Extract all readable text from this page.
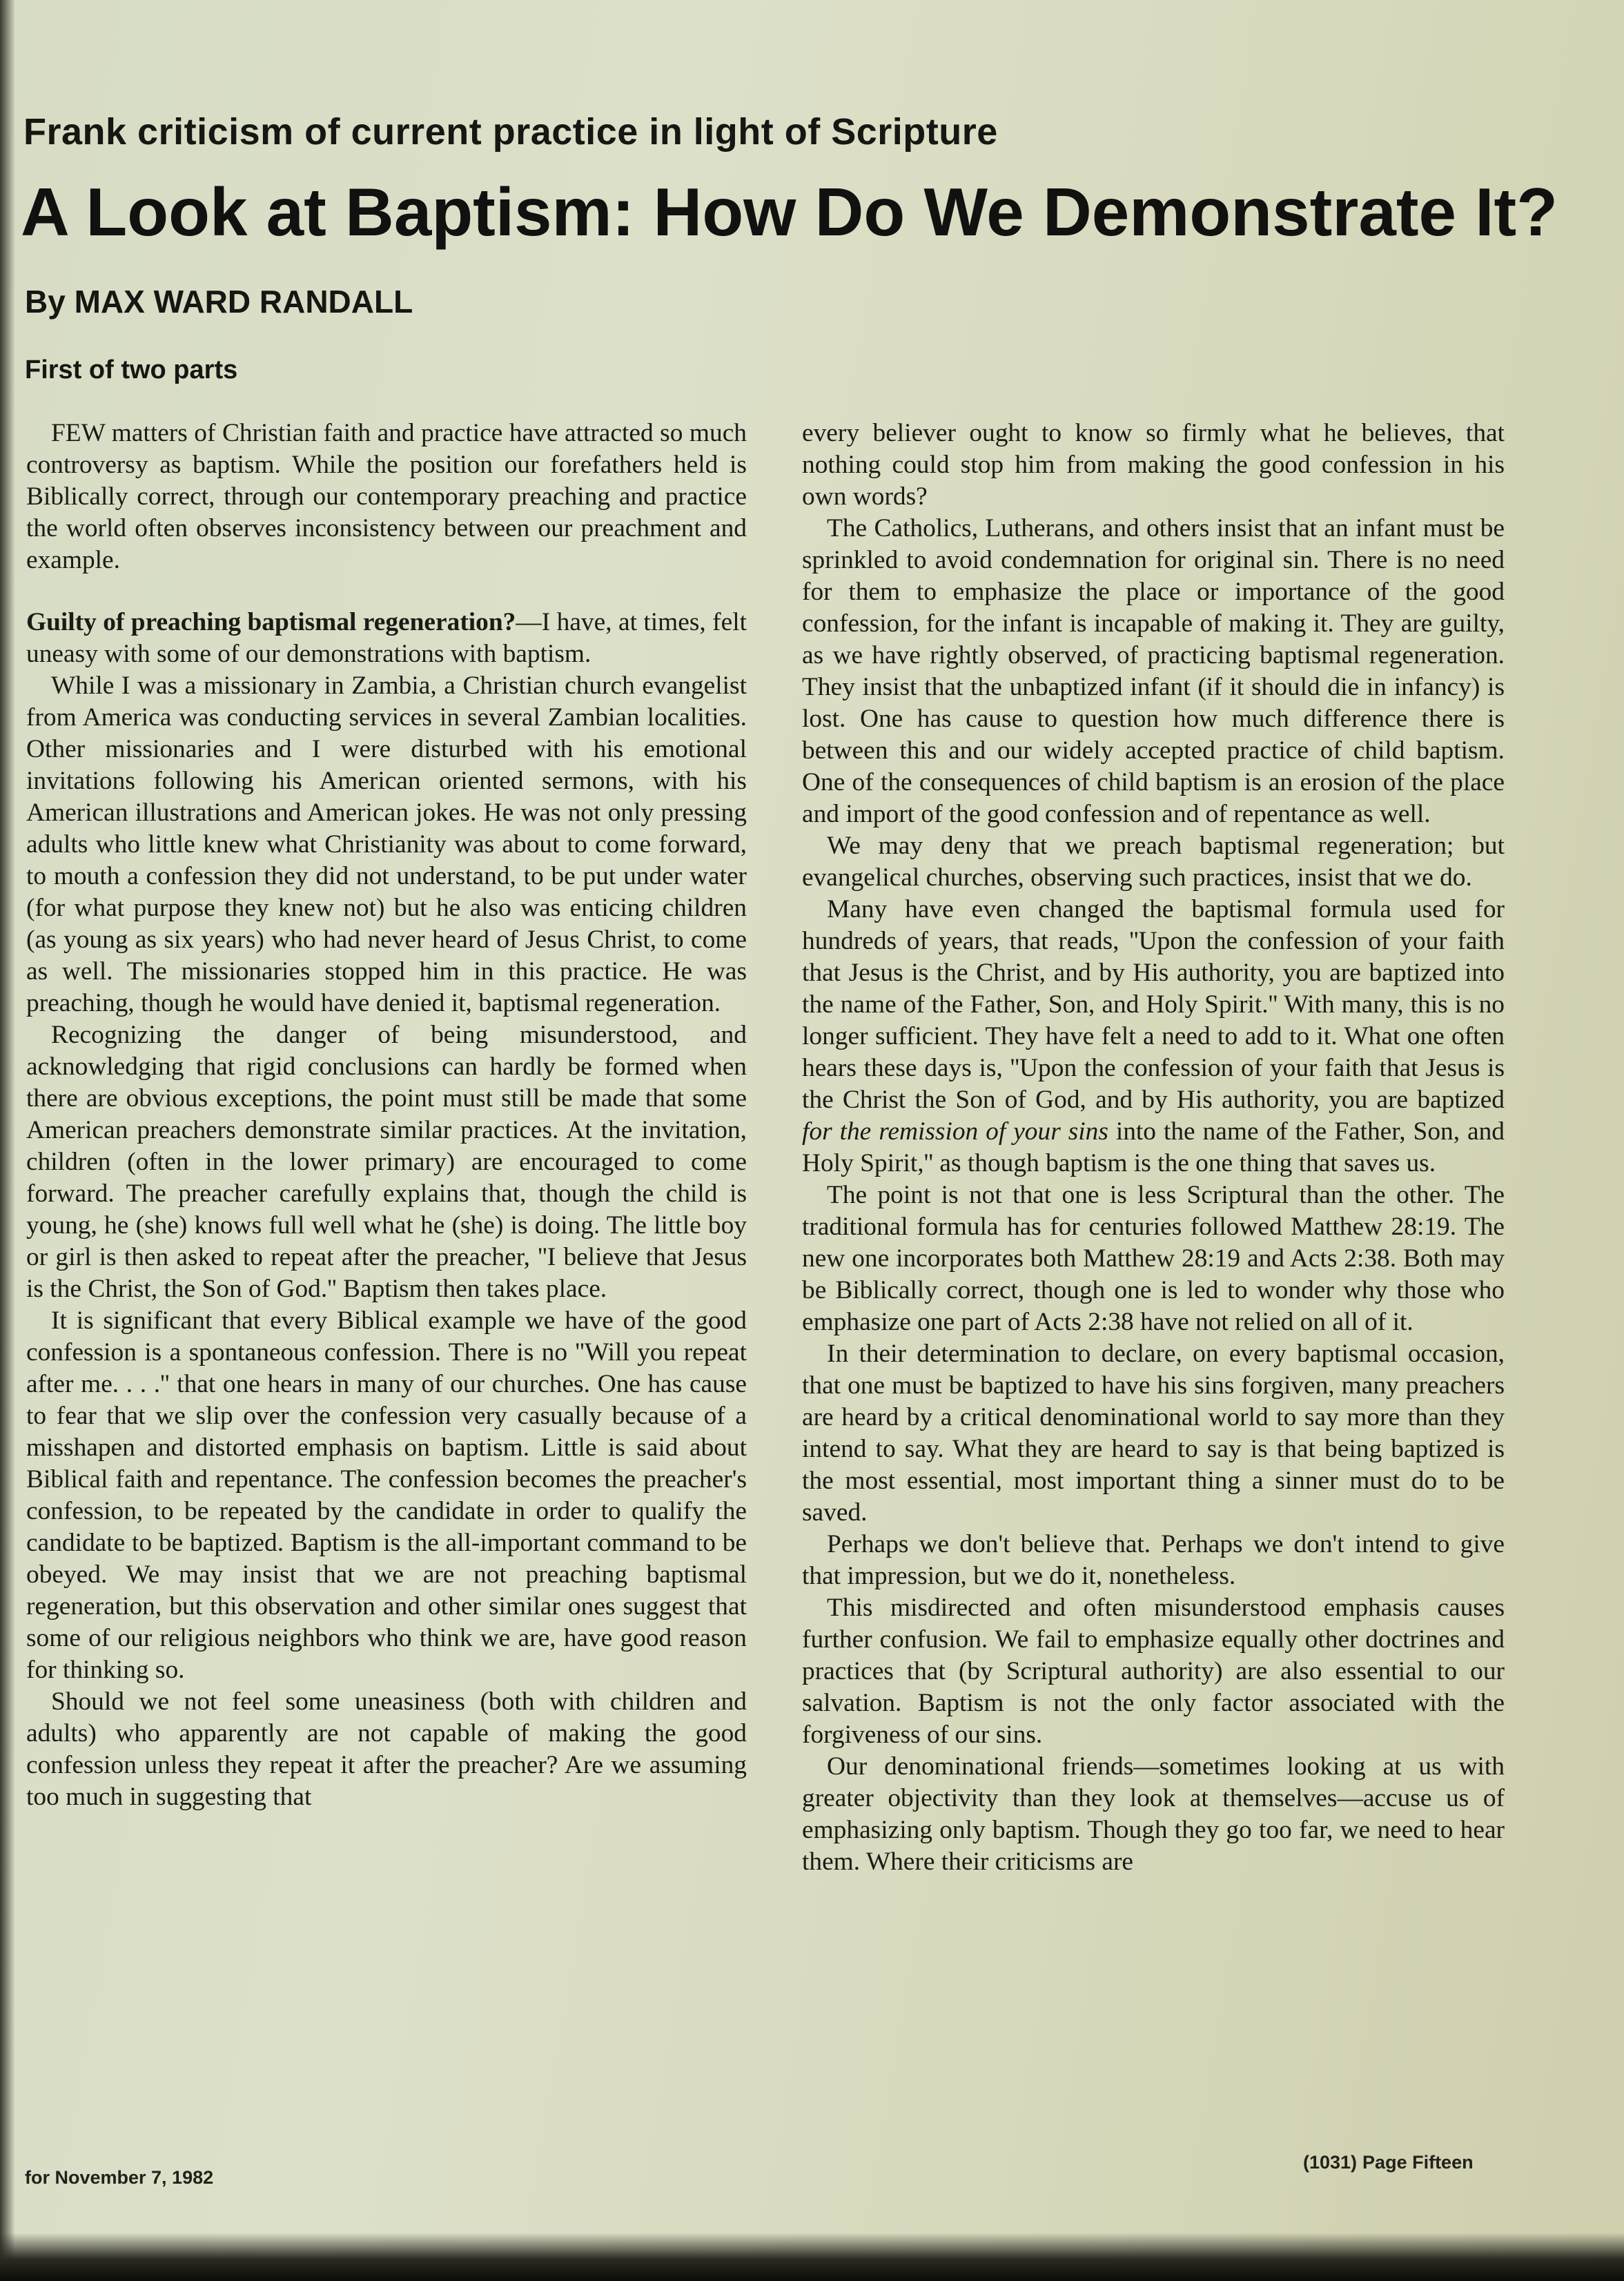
Frank criticism of current practice in light of Scripture
A Look at Baptism: How Do We Demonstrate It?
By MAX WARD RANDALL
First of two parts

FEW matters of Christian faith and practice have attracted so much controversy as baptism. While the position our forefathers held is Biblically correct, through our contemporary preaching and practice the world often observes inconsistency between our preachment and example.

Guilty of preaching baptismal regeneration?—I have, at times, felt uneasy with some of our demonstrations with baptism.

While I was a missionary in Zambia, a Christian church evangelist from America was conducting services in several Zambian localities. Other missionaries and I were disturbed with his emotional invitations following his American oriented sermons, with his American illustrations and American jokes. He was not only pressing adults who little knew what Christianity was about to come forward, to mouth a confession they did not understand, to be put under water (for what purpose they knew not) but he also was enticing children (as young as six years) who had never heard of Jesus Christ, to come as well. The missionaries stopped him in this practice. He was preaching, though he would have denied it, baptismal regeneration.

Recognizing the danger of being misunderstood, and acknowledging that rigid conclusions can hardly be formed when there are obvious exceptions, the point must still be made that some American preachers demonstrate similar practices. At the invitation, children (often in the lower primary) are encouraged to come forward. The preacher carefully explains that, though the child is young, he (she) knows full well what he (she) is doing. The little boy or girl is then asked to repeat after the preacher, ''I believe that Jesus is the Christ, the Son of God.'' Baptism then takes place.

It is significant that every Biblical example we have of the good confession is a spontaneous confession. There is no ''Will you repeat after me. . . .'' that one hears in many of our churches. One has cause to fear that we slip over the confession very casually because of a misshapen and distorted emphasis on baptism. Little is said about Biblical faith and repentance. The confession becomes the preacher's confession, to be repeated by the candidate in order to qualify the candidate to be baptized. Baptism is the all-important command to be obeyed. We may insist that we are not preaching baptismal regeneration, but this observation and other similar ones suggest that some of our religious neighbors who think we are, have good reason for thinking so.

Should we not feel some uneasiness (both with children and adults) who apparently are not capable of making the good confession unless they repeat it after the preacher? Are we assuming too much in suggesting that

every believer ought to know so firmly what he believes, that nothing could stop him from making the good confession in his own words?

The Catholics, Lutherans, and others insist that an infant must be sprinkled to avoid condemnation for original sin. There is no need for them to emphasize the place or importance of the good confession, for the infant is incapable of making it. They are guilty, as we have rightly observed, of practicing baptismal regeneration. They insist that the unbaptized infant (if it should die in infancy) is lost. One has cause to question how much difference there is between this and our widely accepted practice of child baptism. One of the consequences of child baptism is an erosion of the place and import of the good confession and of repentance as well.

We may deny that we preach baptismal regeneration; but evangelical churches, observing such practices, insist that we do.

Many have even changed the baptismal formula used for hundreds of years, that reads, ''Upon the confession of your faith that Jesus is the Christ, and by His authority, you are baptized into the name of the Father, Son, and Holy Spirit.'' With many, this is no longer sufficient. They have felt a need to add to it. What one often hears these days is, ''Upon the confession of your faith that Jesus is the Christ the Son of God, and by His authority, you are baptized for the remission of your sins into the name of the Father, Son, and Holy Spirit,'' as though baptism is the one thing that saves us.

The point is not that one is less Scriptural than the other. The traditional formula has for centuries followed Matthew 28:19. The new one incorporates both Matthew 28:19 and Acts 2:38. Both may be Biblically correct, though one is led to wonder why those who emphasize one part of Acts 2:38 have not relied on all of it.

In their determination to declare, on every baptismal occasion, that one must be baptized to have his sins forgiven, many preachers are heard by a critical denominational world to say more than they intend to say. What they are heard to say is that being baptized is the most essential, most important thing a sinner must do to be saved.

Perhaps we don't believe that. Perhaps we don't intend to give that impression, but we do it, nonetheless.

This misdirected and often misunderstood emphasis causes further confusion. We fail to emphasize equally other doctrines and practices that (by Scriptural authority) are also essential to our salvation. Baptism is not the only factor associated with the forgiveness of our sins.

Our denominational friends—sometimes looking at us with greater objectivity than they look at themselves—accuse us of emphasizing only baptism. Though they go too far, we need to hear them. Where their criticisms are

for November 7, 1982
(1031) Page Fifteen
